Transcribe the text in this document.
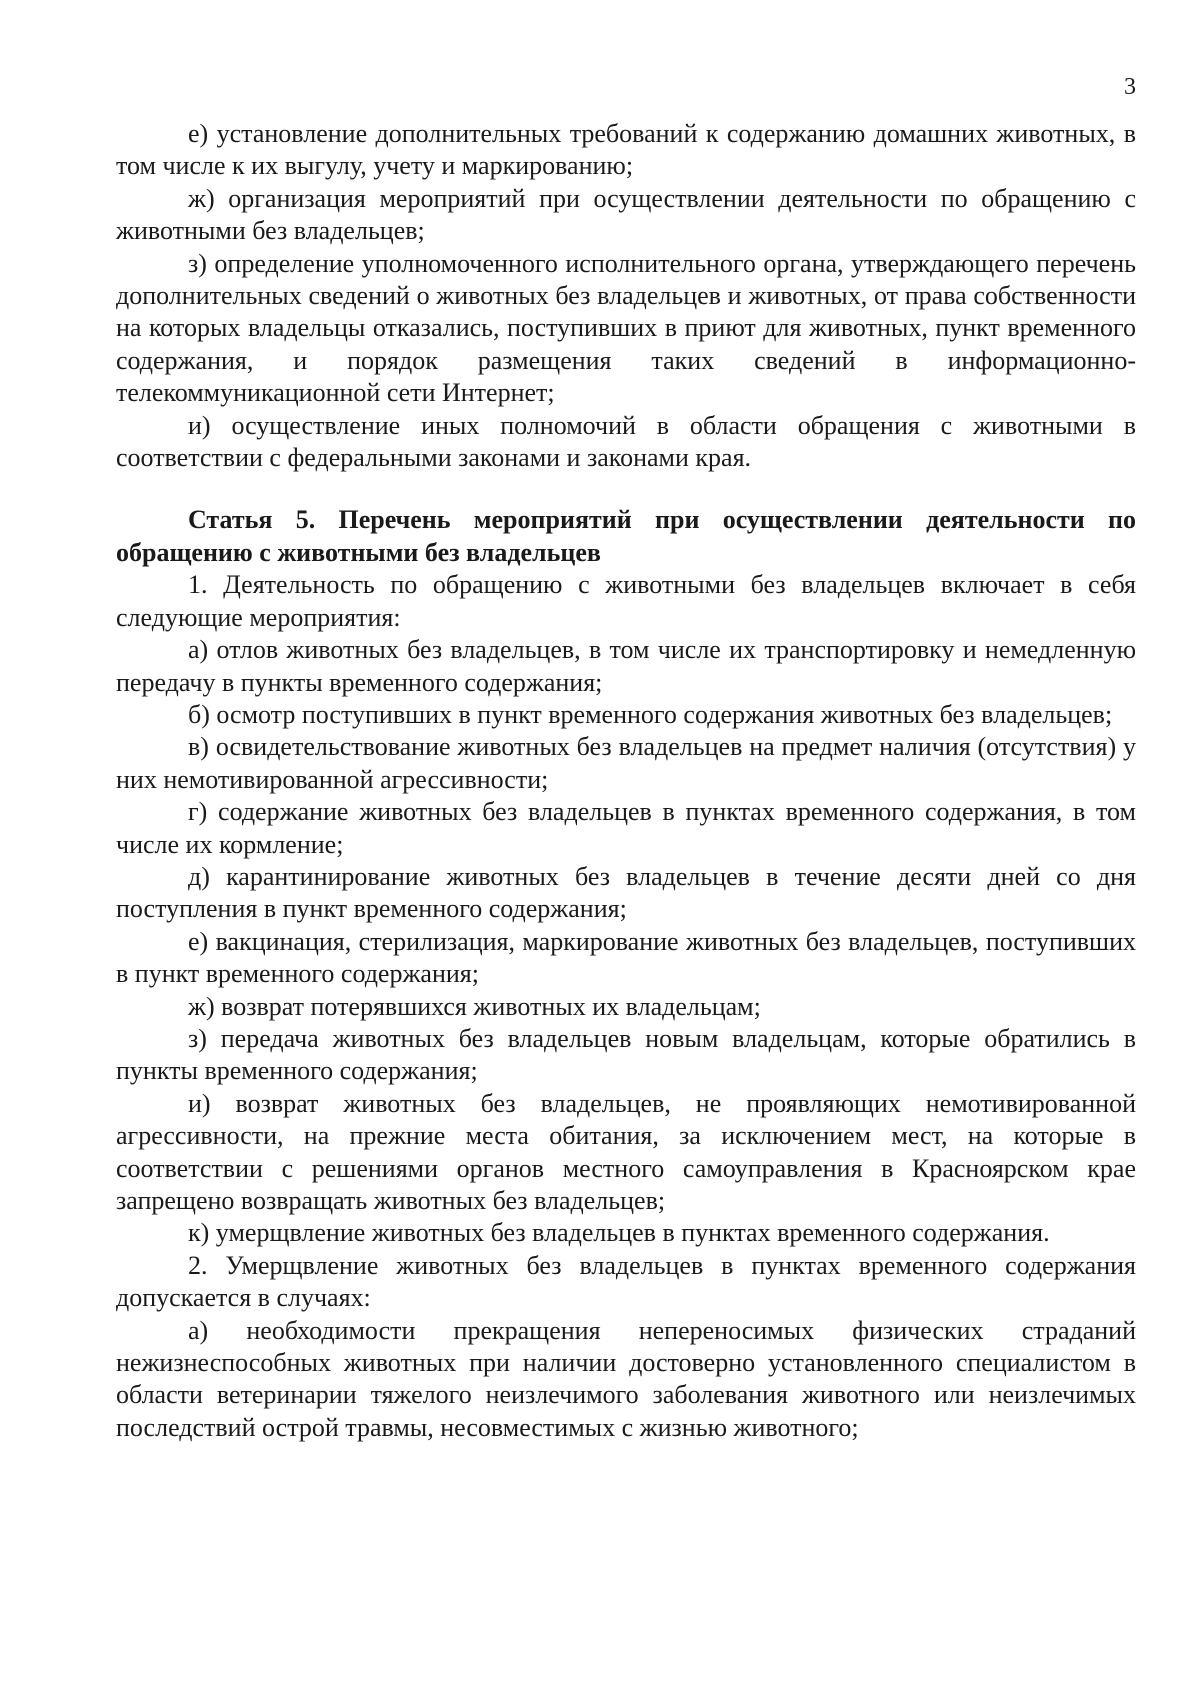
3

е) установление дополнительных требований к содержанию домашних животных, в том числе к их выгулу, учету и маркированию;

ж) организация мероприятий при осуществлении деятельности по обращению с животными без владельцев;

з) определение уполномоченного исполнительного органа, утверждающего перечень дополнительных сведений о животных без владельцев и животных, от права собственности на которых владельцы отказались, поступивших в приют для животных, пункт временного содержания, и порядок размещения таких сведений в информационно-телекоммуникационной сети Интернет;

и) осуществление иных полномочий в области обращения с животными в соответствии с федеральными законами и законами края.

Статья 5. Перечень мероприятий при осуществлении деятельности по обращению с животными без владельцев

1. Деятельность по обращению с животными без владельцев включает в себя следующие мероприятия:

а) отлов животных без владельцев, в том числе их транспортировку и немедленную передачу в пункты временного содержания;

б) осмотр поступивших в пункт временного содержания животных без владельцев;

в) освидетельствование животных без владельцев на предмет наличия (отсутствия) у них немотивированной агрессивности;

г) содержание животных без владельцев в пунктах временного содержания, в том числе их кормление;

д) карантинирование животных без владельцев в течение десяти дней со дня поступления в пункт временного содержания;

е) вакцинация, стерилизация, маркирование животных без владельцев, поступивших в пункт временного содержания;

ж) возврат потерявшихся животных их владельцам;

з) передача животных без владельцев новым владельцам, которые обратились в пункты временного содержания;

и) возврат животных без владельцев, не проявляющих немотивированной агрессивности, на прежние места обитания, за исключением мест, на которые в соответствии с решениями органов местного самоуправления в Красноярском крае запрещено возвращать животных без владельцев;

к) умерщвление животных без владельцев в пунктах временного содержания.

2. Умерщвление животных без владельцев в пунктах временного содержания допускается в случаях:

а) необходимости прекращения непереносимых физических страданий нежизнеспособных животных при наличии достоверно установленного специалистом в области ветеринарии тяжелого неизлечимого заболевания животного или неизлечимых последствий острой травмы, несовместимых с жизнью животного;
